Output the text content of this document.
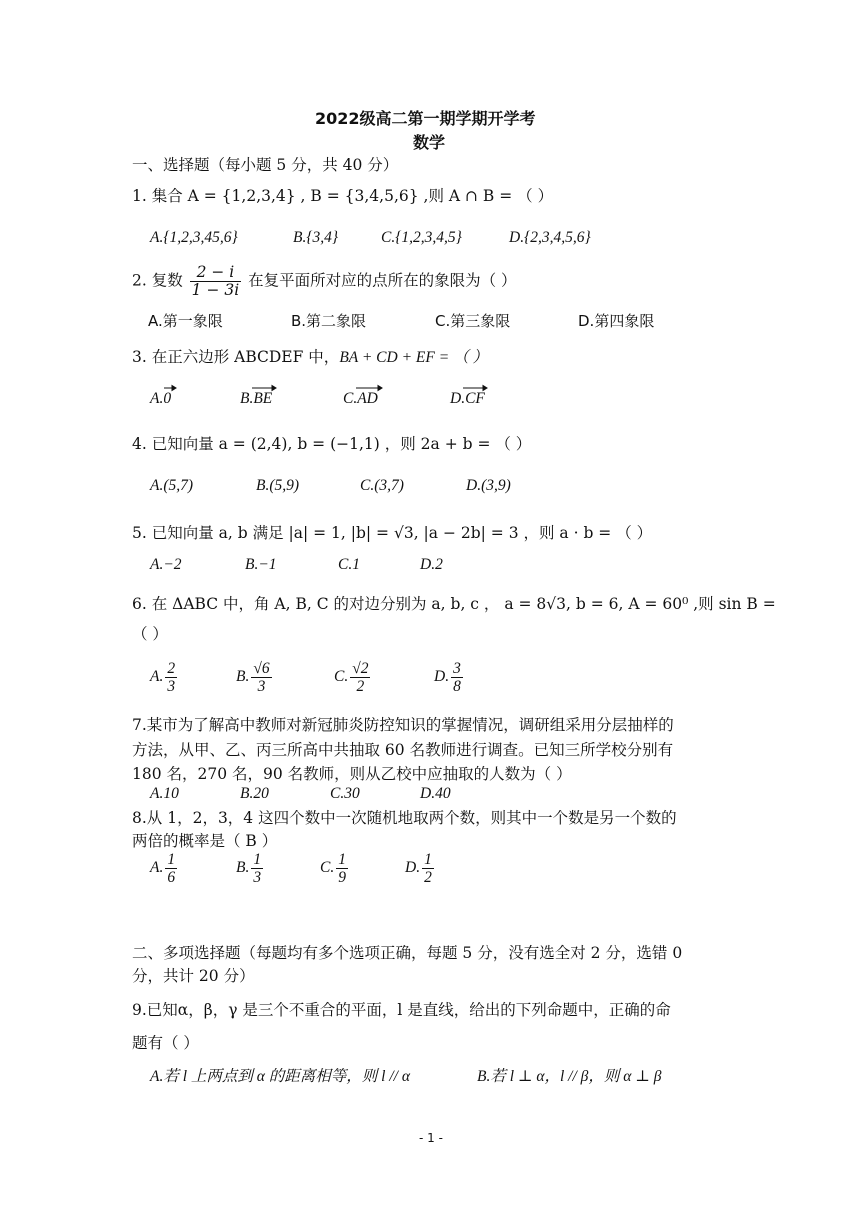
2022级高二第一期学期开学考
数学
一、选择题（每小题 5 分，共 40 分）
1. 集合 A = {1,2,3,4} , B = {3,4,5,6} ,则 A ∩ B = （ ）
A.{1,2,3,45,6}	B.{3,4}	C.{1,2,3,4,5}	D.{2,3,4,5,6}
2. 复数 $\frac{2 - i}{1 - 3i}$ 在复平面所对应的点所在的象限为（ ）
A.第一象限	B.第二象限	C.第三象限	D.第四象限
3. 在正六边形 ABCDEF 中，BA + CD + EF = （ ）
A.0	B.BE	C.AD	D.CF
4. 已知向量 a = (2,4), b = (−1,1) ，则 2a + b = （ ）
A.(5,7)	B.(5,9)	C.(3,7)	D.(3,9)
5. 已知向量 a, b 满足 |a| = 1, |b| = √3, |a − 2b| = 3 ，则 a · b = （ ）
A.−2	B.−1	C.1	D.2
6. 在 ΔABC 中，角 A, B, C 的对边分别为 a, b, c ， a = 8√3, b = 6, A = 60⁰ ,则 sin B =
（ ）
A. $\frac{2}{3}$	B. $\frac{√6}{3}$	C. $\frac{√2}{2}$	D. $\frac{3}{8}$
7.某市为了解高中教师对新冠肺炎防控知识的掌握情况，调研组采用分层抽样的
方法，从甲、乙、丙三所高中共抽取 60 名教师进行调查。已知三所学校分别有
180 名，270 名，90 名教师，则从乙校中应抽取的人数为（ ）
A.10	B.20	C.30	D.40
8.从 1，2，3，4 这四个数中一次随机地取两个数，则其中一个数是另一个数的
两倍的概率是（ B ）
A. $\frac{1}{6}$	B. $\frac{1}{3}$	C. $\frac{1}{9}$	D. $\frac{1}{2}$
二、多项选择题（每题均有多个选项正确，每题 5 分，没有选全对 2 分，选错 0
分，共计 20 分）
9.已知α，β，γ 是三个不重合的平面，l 是直线，给出的下列命题中，正确的命
题有（ ）
A.若 l 上两点到 α 的距离相等，则 l // α	B.若 l ⊥ α，l // β，则 α ⊥ β
- 1 -
